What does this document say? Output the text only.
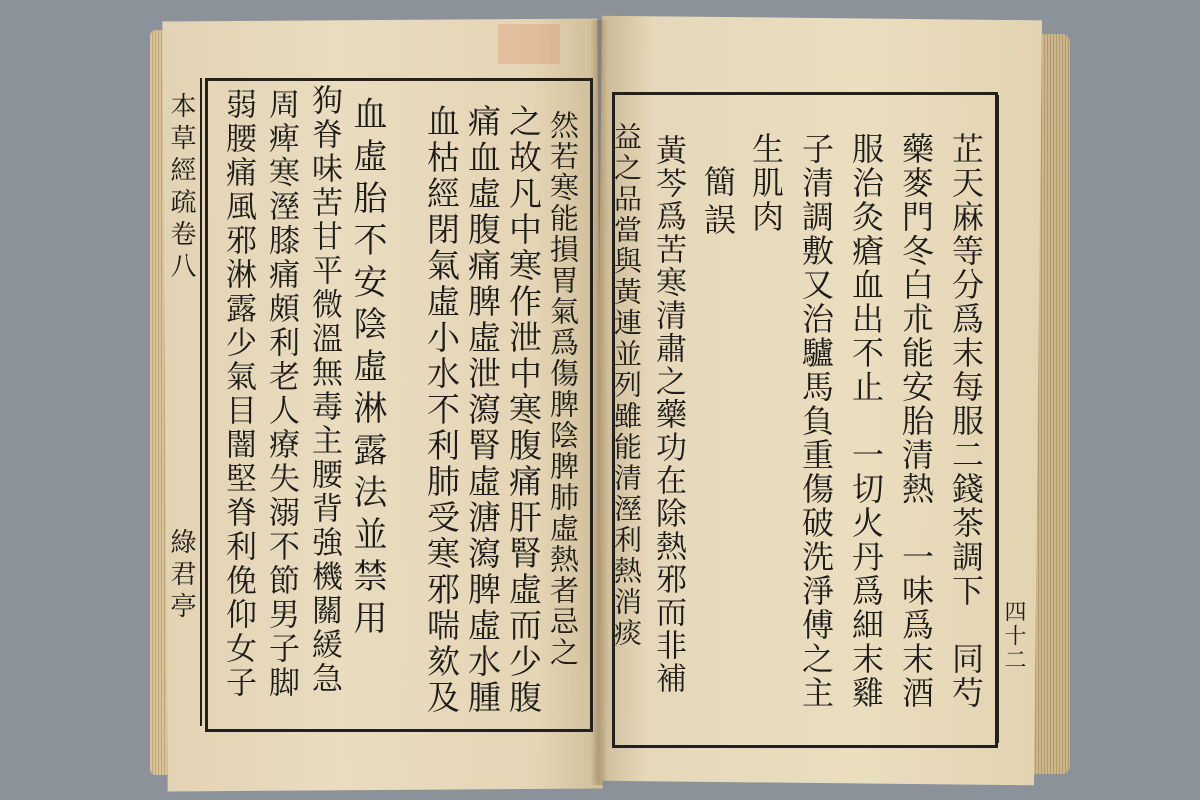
本草經疏卷八
綠君亭	然若寒能損胃氣爲傷脾陰脾肺虛熱者忌之
之故凡中寒作泄中寒腹痛肝腎虛而少腹
痛血虛腹痛脾虛泄瀉腎虛溏瀉脾虛水腫
血枯經閉氣虛小水不利肺受寒邪喘欬及
血虛胎不安陰虛淋露法並禁用
狗脊味苦甘平微溫無毒主腰背強機關緩急
周痺寒溼膝痛頗利老人療失溺不節男子脚
弱腰痛風邪淋露少氣目闇堅脊利俛仰女子	四十二
芷天麻等分爲末每服二錢茶調下　同芍
藥麥門冬白朮能安胎清熱　一味爲末酒
服治灸瘡血出不止　一切火丹爲細末雞
子清調敷又治驢馬負重傷破洗淨傅之主
生肌肉
簡誤
黃芩爲苦寒清肅之藥功在除熱邪而非補
益之品當與黃連並列雖能清溼利熱消痰
